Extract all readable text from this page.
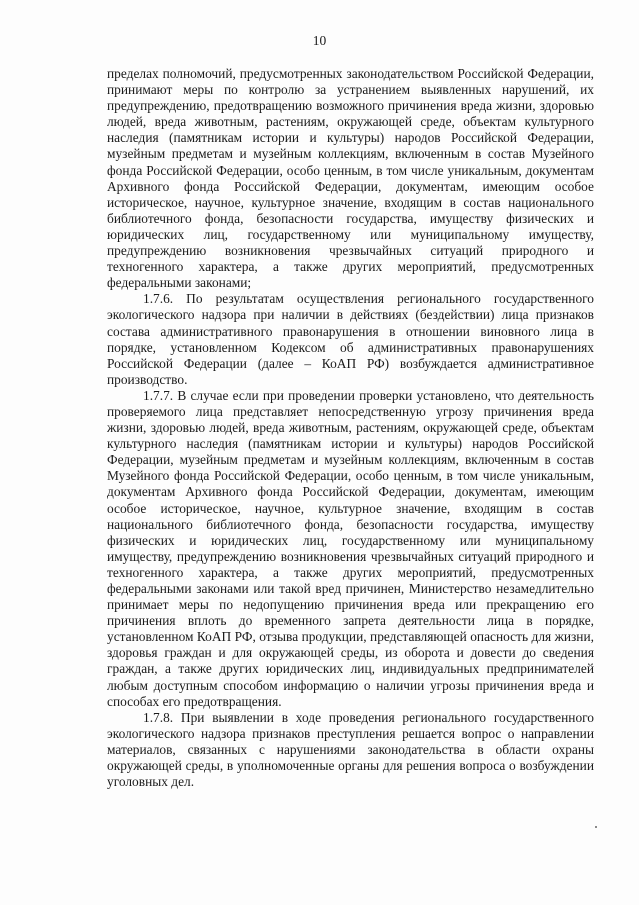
10

пределах полномочий, предусмотренных законодательством Российской Федерации, принимают меры по контролю за устранением выявленных нарушений, их предупреждению, предотвращению возможного причинения вреда жизни, здоровью людей, вреда животным, растениям, окружающей среде, объектам культурного наследия (памятникам истории и культуры) народов Российской Федерации, музейным предметам и музейным коллекциям, включенным в состав Музейного фонда Российской Федерации, особо ценным, в том числе уникальным, документам Архивного фонда Российской Федерации, документам, имеющим особое историческое, научное, культурное значение, входящим в состав национального библиотечного фонда, безопасности государства, имуществу физических и юридических лиц, государственному или муниципальному имуществу, предупреждению возникновения чрезвычайных ситуаций природного и техногенного характера, а также других мероприятий, предусмотренных федеральными законами;

1.7.6. По результатам осуществления регионального государственного экологического надзора при наличии в действиях (бездействии) лица признаков состава административного правонарушения в отношении виновного лица в порядке, установленном Кодексом об административных правонарушениях Российской Федерации (далее – КоАП РФ) возбуждается административное производство.

1.7.7. В случае если при проведении проверки установлено, что деятельность проверяемого лица представляет непосредственную угрозу причинения вреда жизни, здоровью людей, вреда животным, растениям, окружающей среде, объектам культурного наследия (памятникам истории и культуры) народов Российской Федерации, музейным предметам и музейным коллекциям, включенным в состав Музейного фонда Российской Федерации, особо ценным, в том числе уникальным, документам Архивного фонда Российской Федерации, документам, имеющим особое историческое, научное, культурное значение, входящим в состав национального библиотечного фонда, безопасности государства, имуществу физических и юридических лиц, государственному или муниципальному имуществу, предупреждению возникновения чрезвычайных ситуаций природного и техногенного характера, а также других мероприятий, предусмотренных федеральными законами или такой вред причинен, Министерство незамедлительно принимает меры по недопущению причинения вреда или прекращению его причинения вплоть до временного запрета деятельности лица в порядке, установленном КоАП РФ, отзыва продукции, представляющей опасность для жизни, здоровья граждан и для окружающей среды, из оборота и довести до сведения граждан, а также других юридических лиц, индивидуальных предпринимателей любым доступным способом информацию о наличии угрозы причинения вреда и способах его предотвращения.

1.7.8. При выявлении в ходе проведения регионального государственного экологического надзора признаков преступления решается вопрос о направлении материалов, связанных с нарушениями законодательства в области охраны окружающей среды, в уполномоченные органы для решения вопроса о возбуждении уголовных дел.
